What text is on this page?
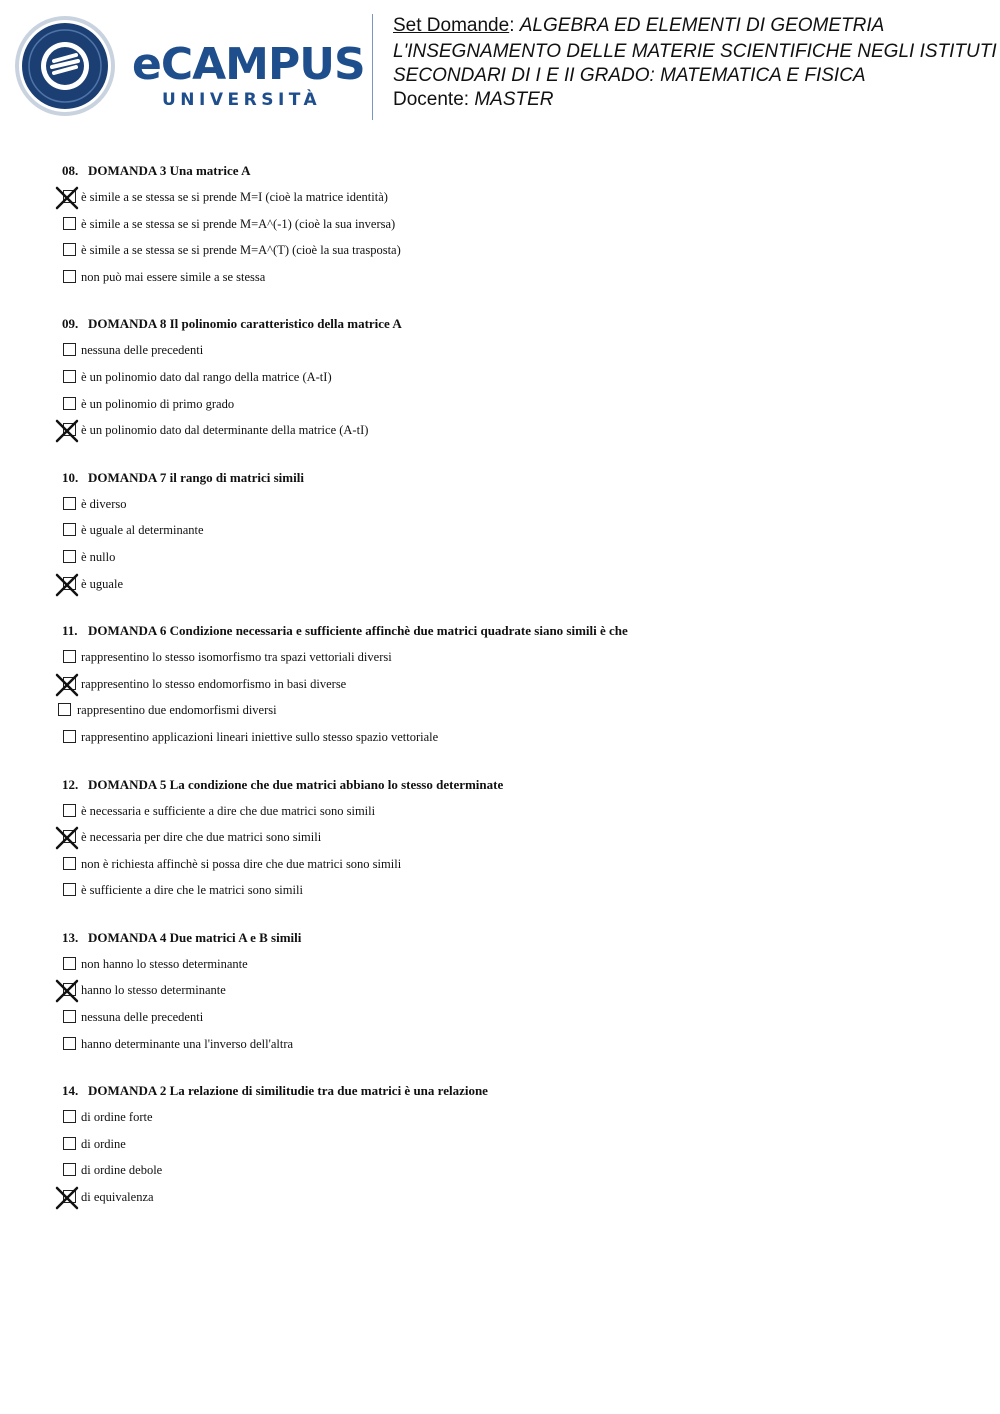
eCAMPUS
UNIVERSITÀ
Set Domande: ALGEBRA ED ELEMENTI DI GEOMETRIA
L'INSEGNAMENTO DELLE MATERIE SCIENTIFICHE NEGLI ISTITUTI
SECONDARI DI I E II GRADO: MATEMATICA E FISICA
Docente: MASTER
08. DOMANDA 3 Una matrice A
è simile a se stessa se si prende M=I (cioè la matrice identità)
è simile a se stessa se si prende M=A^(-1) (cioè la sua inversa)
è simile a se stessa se si prende M=A^(T) (cioè la sua trasposta)
non può mai essere simile a se stessa
09. DOMANDA 8 Il polinomio caratteristico della matrice A
nessuna delle precedenti
è un polinomio dato dal rango della matrice (A-tI)
è un polinomio di primo grado
è un polinomio dato dal determinante della matrice (A-tI)
10. DOMANDA 7 il rango di matrici simili
è diverso
è uguale al determinante
è nullo
è uguale
11. DOMANDA 6 Condizione necessaria e sufficiente affinchè due matrici quadrate siano simili è che
rappresentino lo stesso isomorfismo tra spazi vettoriali diversi
rappresentino lo stesso endomorfismo in basi diverse
rappresentino due endomorfismi diversi
rappresentino applicazioni lineari iniettive sullo stesso spazio vettoriale
12. DOMANDA 5 La condizione che due matrici abbiano lo stesso determinate
è necessaria e sufficiente a dire che due matrici sono simili
è necessaria per dire che due matrici sono simili
non è richiesta affinchè si possa dire che due matrici sono simili
è sufficiente a dire che le matrici sono simili
13. DOMANDA 4 Due matrici A e B simili
non hanno lo stesso determinante
hanno lo stesso determinante
nessuna delle precedenti
hanno determinante una l'inverso dell'altra
14. DOMANDA 2 La relazione di similitudie tra due matrici è una relazione
di ordine forte
di ordine
di ordine debole
di equivalenza
